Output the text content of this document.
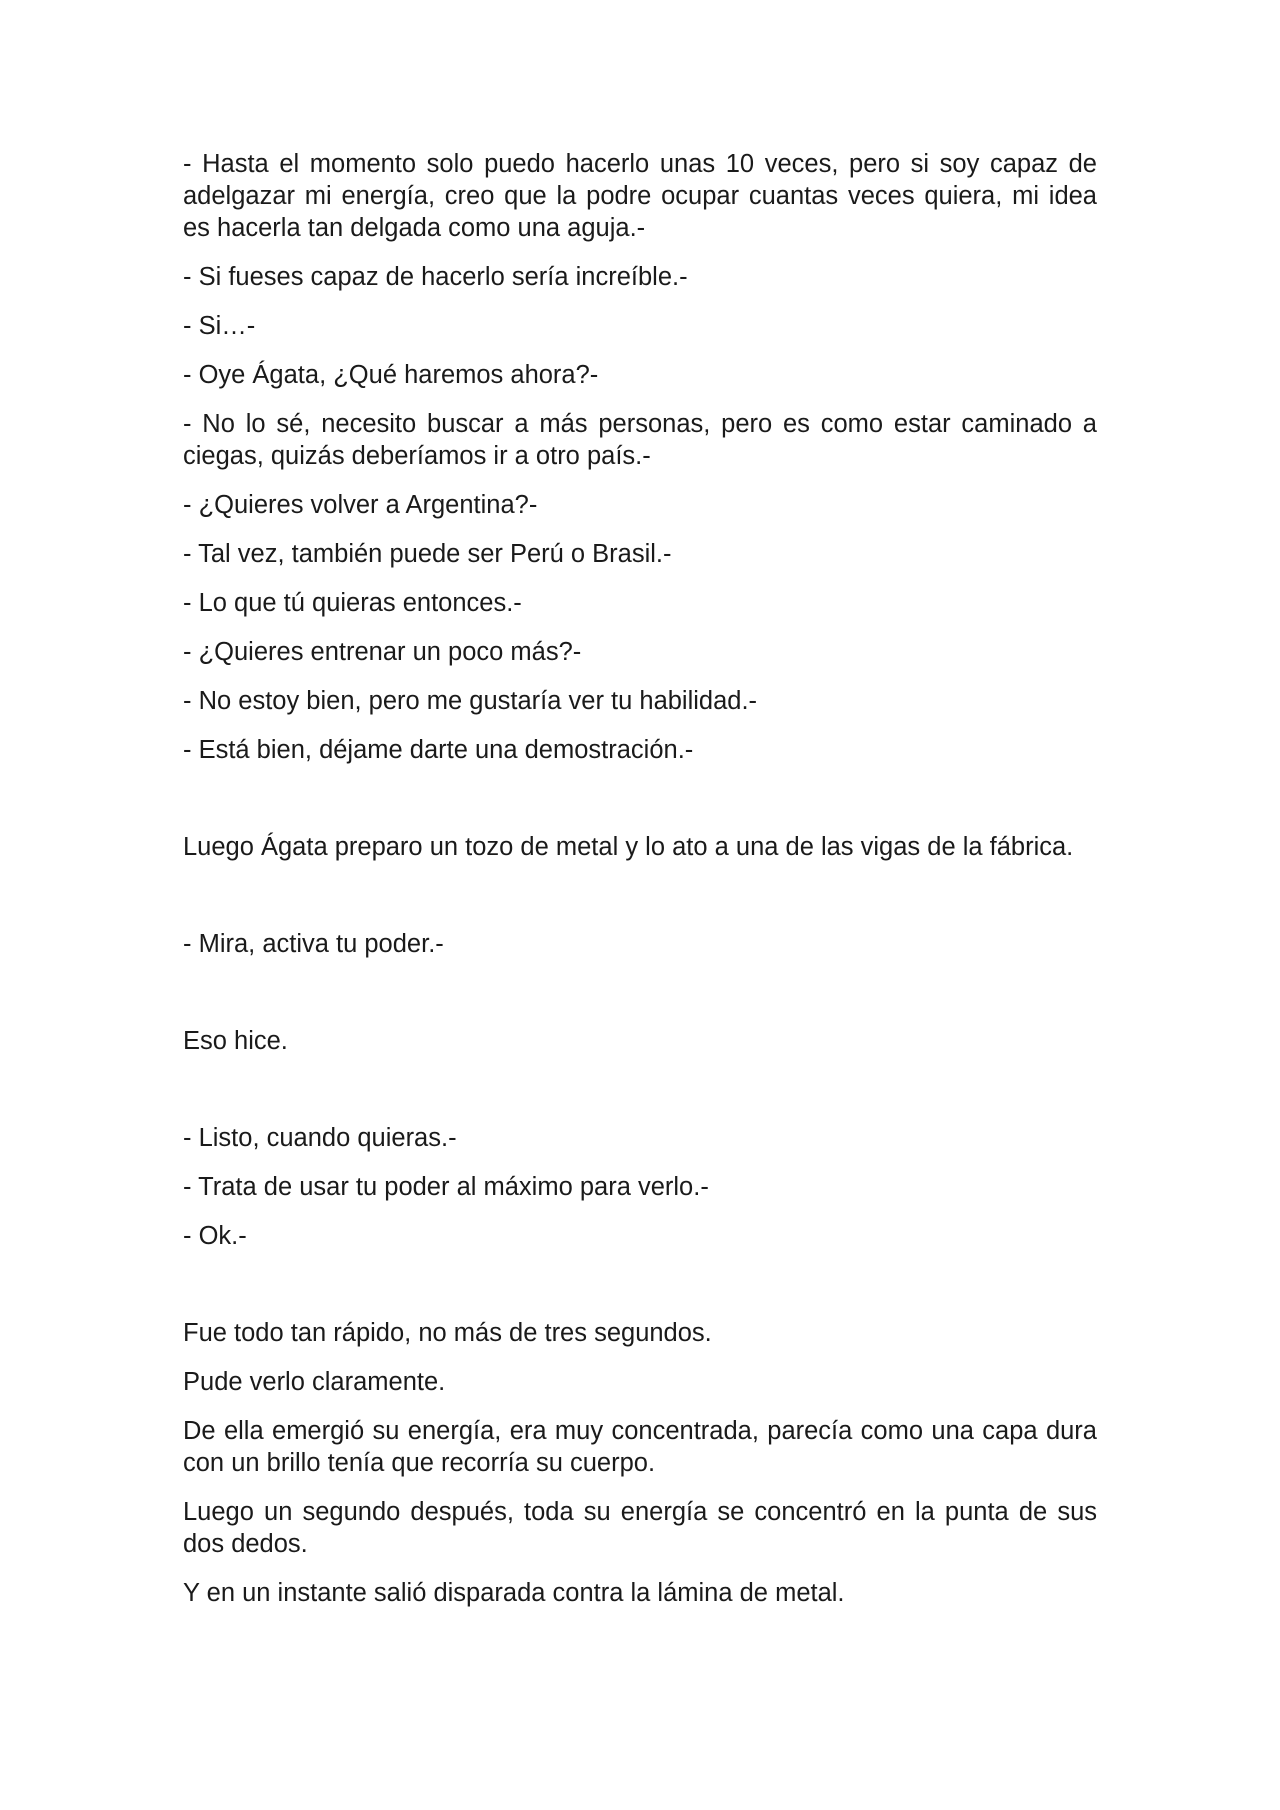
- Hasta el momento solo puedo hacerlo unas 10 veces, pero si soy capaz de adelgazar mi energía, creo que la podre ocupar cuantas veces quiera, mi idea es hacerla tan delgada como una aguja.-

- Si fueses capaz de hacerlo sería increíble.-

- Si…-

- Oye Ágata, ¿Qué haremos ahora?-

- No lo sé, necesito buscar a más personas, pero es como estar caminado a ciegas, quizás deberíamos ir a otro país.-

- ¿Quieres volver a Argentina?-

- Tal vez, también puede ser Perú o Brasil.-

- Lo que tú quieras entonces.-

- ¿Quieres entrenar un poco más?-

- No estoy bien, pero me gustaría ver tu habilidad.-

- Está bien, déjame darte una demostración.-

Luego Ágata preparo un tozo de metal y lo ato a una de las vigas de la fábrica.

- Mira, activa tu poder.-

Eso hice.

- Listo, cuando quieras.-

- Trata de usar tu poder al máximo para verlo.-

- Ok.-

Fue todo tan rápido, no más de tres segundos.

Pude verlo claramente.

De ella emergió su energía, era muy concentrada, parecía como una capa dura con un brillo tenía que recorría su cuerpo.

Luego un segundo después, toda su energía se concentró en la punta de sus dos dedos.

Y en un instante salió disparada contra la lámina de metal.
